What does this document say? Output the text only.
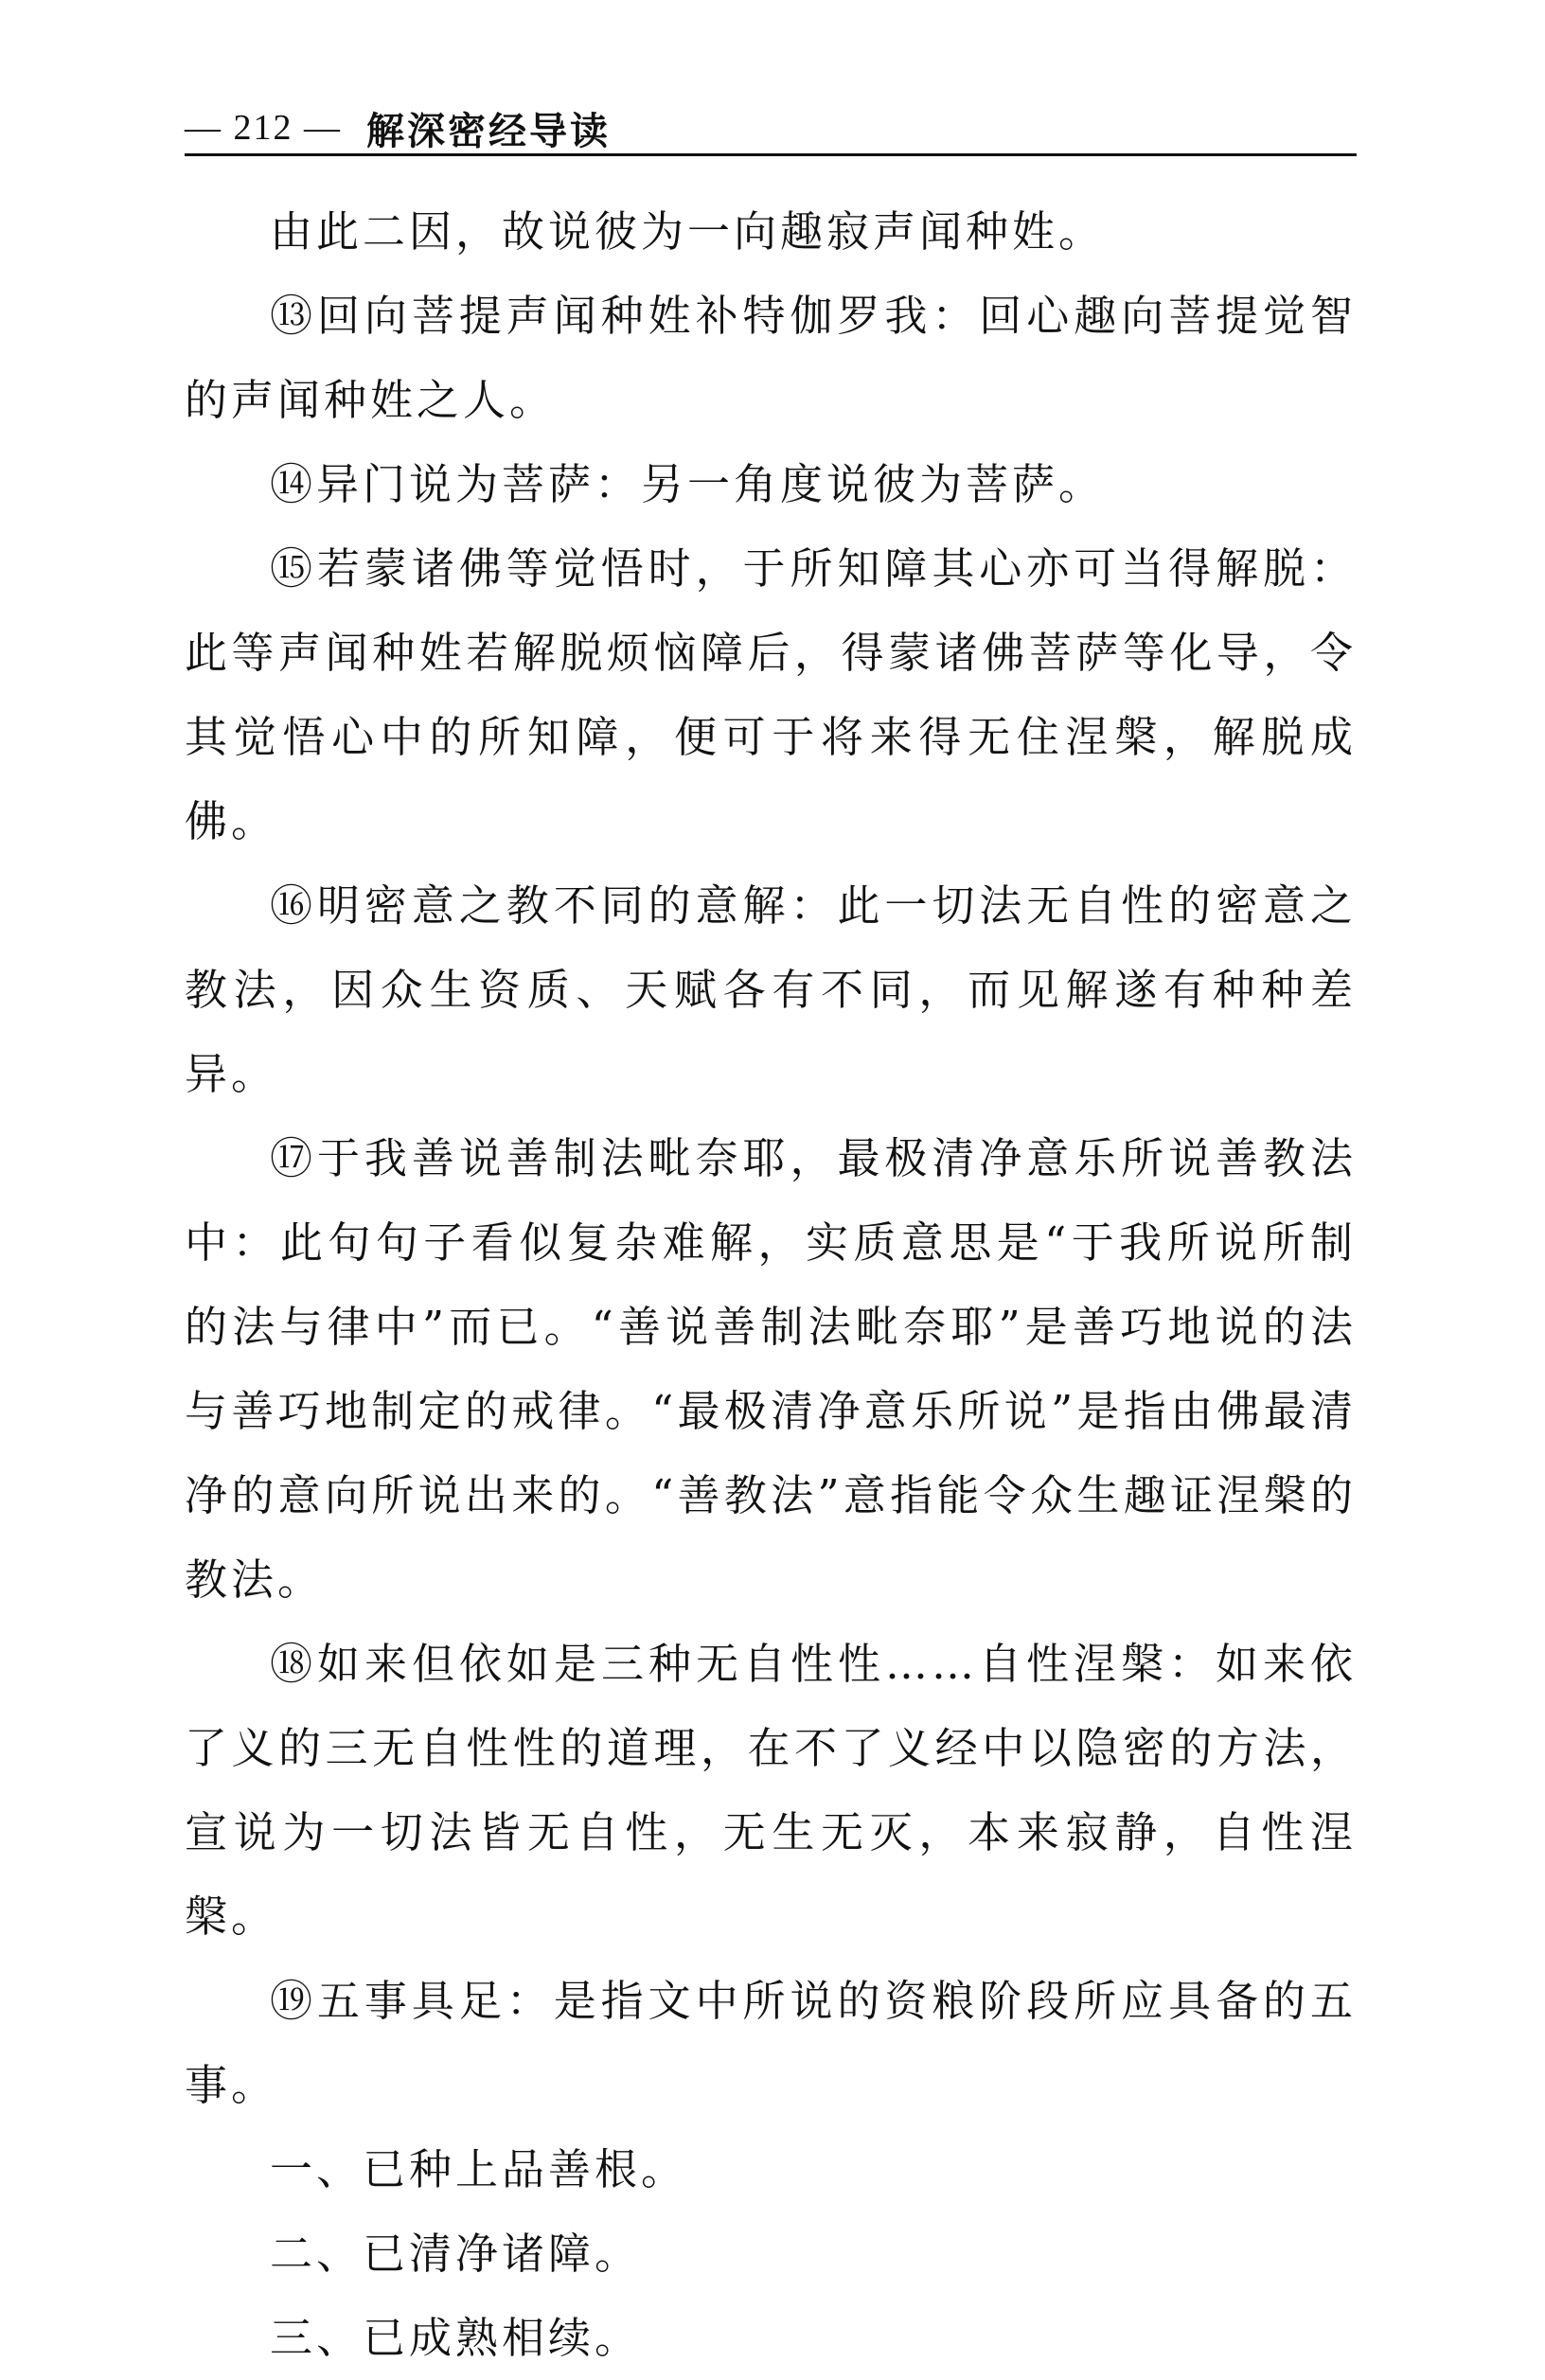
— 212 — 解深密经导读

由此二因，故说彼为一向趣寂声闻种姓。

⑬回向菩提声闻种姓补特伽罗我：回心趣向菩提觉智的声闻种姓之人。

⑭异门说为菩萨：另一角度说彼为菩萨。

⑮若蒙诸佛等觉悟时，于所知障其心亦可当得解脱：此等声闻种姓若解脱烦恼障后，得蒙诸佛菩萨等化导，令其觉悟心中的所知障，便可于将来得无住涅槃，解脱成佛。

⑯明密意之教不同的意解：此一切法无自性的密意之教法，因众生资质、天赋各有不同，而见解遂有种种差异。

⑰于我善说善制法毗奈耶，最极清净意乐所说善教法中：此句句子看似复杂难解，实质意思是“于我所说所制的法与律中”而已。“善说善制法毗奈耶”是善巧地说的法与善巧地制定的戒律。“最极清净意乐所说”是指由佛最清净的意向所说出来的。“善教法”意指能令众生趣证涅槃的教法。

⑱如来但依如是三种无自性性……自性涅槃：如来依了义的三无自性性的道理，在不了义经中以隐密的方法，宣说为一切法皆无自性，无生无灭，本来寂静，自性涅槃。

⑲五事具足：是指文中所说的资粮阶段所应具备的五事。

一、已种上品善根。

二、已清净诸障。

三、已成熟相续。
